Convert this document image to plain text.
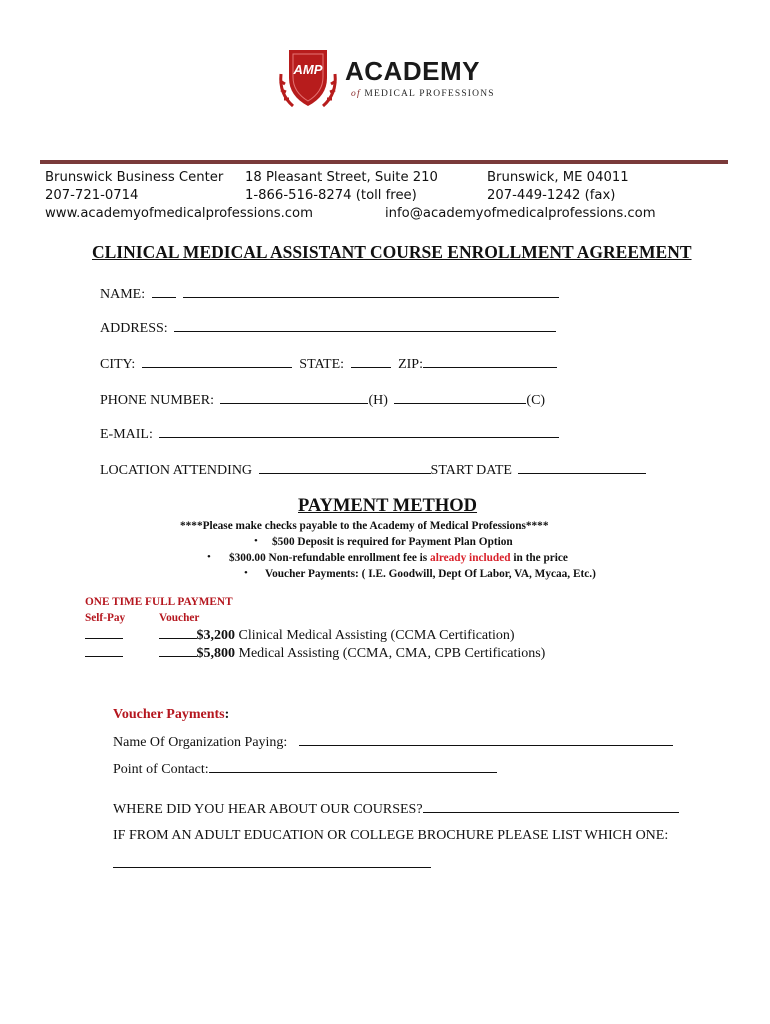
AMP ACADEMY
of MEDICAL PROFESSIONS
Brunswick Business Center 18 Pleasant Street, Suite 210	Brunswick, ME 04011
207-721-0714	1-866-516-8274 (toll free)	207-449-1242 (fax)
www.academyofmedicalprofessions.com	info@academyofmedicalprofessions.com
CLINICAL MEDICAL ASSISTANT COURSE ENROLLMENT AGREEMENT
NAME:
ADDRESS:
CITY:	STATE:	ZIP:
PHONE NUMBER:	(H)	(C)
E-MAIL:
LOCATION ATTENDING	START DATE
PAYMENT METHOD
****Please make checks payable to the Academy of Medical Professions****
• $500 Deposit is required for Payment Plan Option
• $300.00 Non-refundable enrollment fee is already included in the price
• Voucher Payments: ( I.E. Goodwill, Dept Of Labor, VA, Mycaa, Etc.)
ONE TIME FULL PAYMENT
Self-Pay	Voucher
$3,200 Clinical Medical Assisting (CCMA Certification)
$5,800 Medical Assisting (CCMA, CMA, CPB Certifications)
Voucher Payments:
Name Of Organization Paying:
Point of Contact:
WHERE DID YOU HEAR ABOUT OUR COURSES?
IF FROM AN ADULT EDUCATION OR COLLEGE BROCHURE PLEASE LIST WHICH ONE:
